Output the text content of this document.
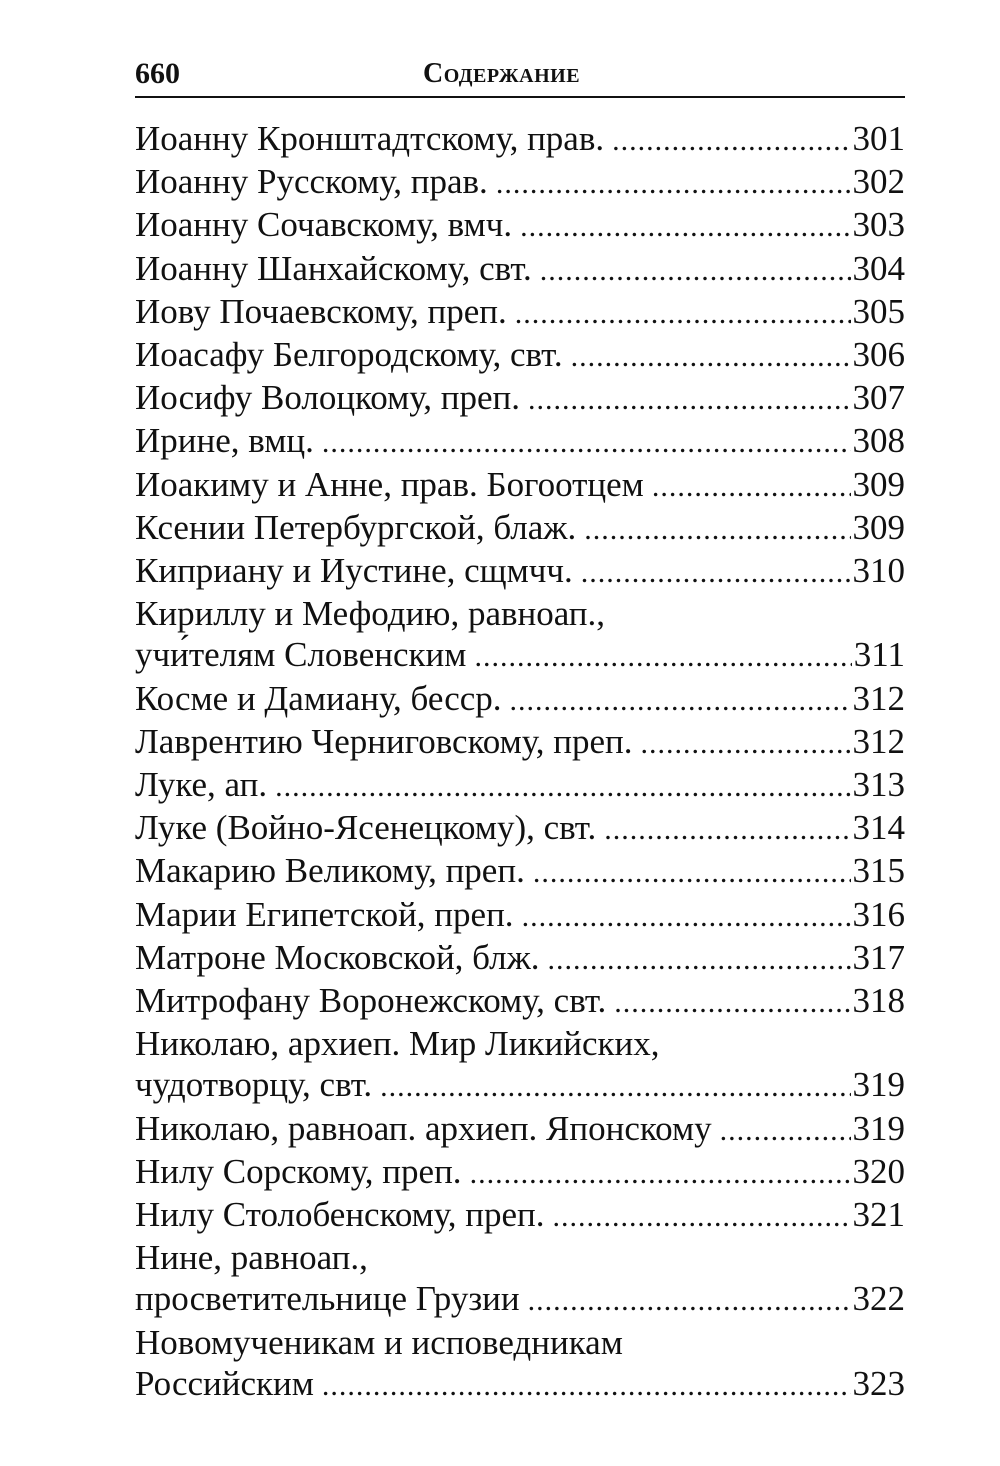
660	Содержание
Иоанну Кронштадтскому, прав. .....	301
Иоанну Русскому, прав. .....	302
Иоанну Сочавскому, вмч. .....	303
Иоанну Шанхайскому, свт. .....	304
Иову Почаевскому, преп. .....	305
Иоасафу Белгородскому, свт. .....	306
Иосифу Волоцкому, преп. .....	307
Ирине, вмц. .....	308
Иоакиму и Анне, прав. Богоотцем .....	309
Ксении Петербургской, блаж. .....	309
Киприану и Иустине, сщмчч. .....	310
Кириллу и Мефодию, равноап.,
учи́телям Словенским .....	311
Косме и Дамиану, бесср. .....	312
Лаврентию Черниговскому, преп. .....	312
Луке, ап. .....	313
Луке (Войно-Ясенецкому), свт. .....	314
Макарию Великому, преп. .....	315
Марии Египетской, преп. .....	316
Матроне Московской, блж. .....	317
Митрофану Воронежскому, свт. .....	318
Николаю, архиеп. Мир Ликийских,
чудотворцу, свт. .....	319
Николаю, равноап. архиеп. Японскому .....	319
Нилу Сорскому, преп. .....	320
Нилу Столобенскому, преп. .....	321
Нине, равноап.,
просветительнице Грузии .....	322
Новомученикам и исповедникам
Российским .....	323
